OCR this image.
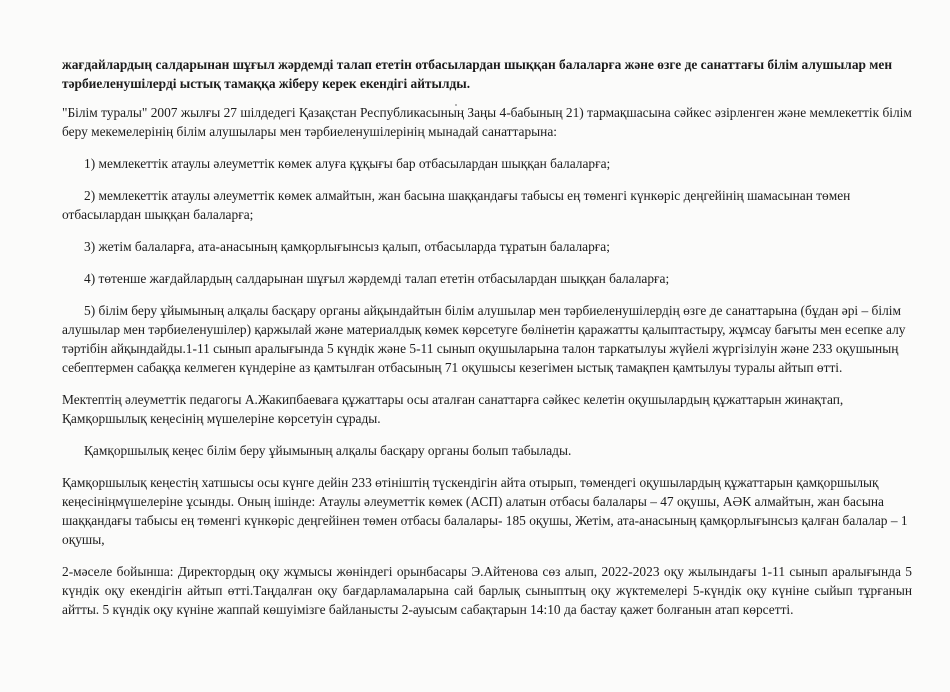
жағдайлардың салдарынан шұғыл жәрдемді талап ететін отбасылардан шыққан балаларға және өзге де санаттағы білім алушылар мен тәрбиеленушілерді ыстық тамаққа жіберу керек екендігі айтылды.

"Білім туралы" 2007 жылғы 27 шілдедегі Қазақстан Республикасының Заңы 4-бабының 21) тармақшасына сәйкес әзірленген және мемлекеттік білім беру мекемелерінің білім алушылары мен тәрбиеленушілерінің мынадай санаттарына:

1) мемлекеттік атаулы әлеуметтік көмек алуға құқығы бар отбасылардан шыққан балаларға;

2) мемлекеттік атаулы әлеуметтік көмек алмайтын, жан басына шаққандағы табысы ең төменгі күнкөріс деңгейінің шамасынан төмен отбасылардан шыққан балаларға;

3) жетім балаларға, ата-анасының қамқорлығынсыз қалып, отбасыларда тұратын балаларға;

4) төтенше жағдайлардың салдарынан шұғыл жәрдемді талап ететін отбасылардан шыққан балаларға;

5) білім беру ұйымының алқалы басқару органы айқындайтын білім алушылар мен тәрбиеленушілердің өзге де санаттарына (бұдан әрі – білім алушылар мен тәрбиеленушілер) қаржылай және материалдық көмек көрсетуге бөлінетін қаражатты қалыптастыру, жұмсау бағыты мен есепке алу тәртібін айқындайды.1-11 сынып аралығында 5 күндік және 5-11 сынып оқушыларына талон таркатылуы жүйелі жүргізілуін және 233 оқушының себептермен сабаққа келмеген күндеріне аз қамтылған отбасының 71 оқушысы кезегімен ыстық тамақпен қамтылуы туралы айтып өтті.

Мектептің әлеуметтік педагогы А.Жакипбаеваға құжаттары осы аталған санаттарға сәйкес келетін оқушылардың құжаттарын жинақтап, Қамқоршылық кеңесінің мүшелеріне көрсетуін сұрады.

Қамқоршылық кеңес білім беру ұйымының алқалы басқару органы болып табылады.

Қамқоршылық кеңестің хатшысы осы күнге дейін 233 өтініштің түскендігін айта отырып, төмендегі оқушылардың құжаттарын қамқоршылық кеңесініңмүшелеріне ұсынды. Оның ішінде: Атаулы әлеуметтік көмек (АСП) алатын отбасы балалары – 47 оқушы, АӘК алмайтын, жан басына шаққандағы табысы ең төменгі күнкөріс деңгейінен төмен отбасы балалары- 185 оқушы, Жетім, ата-анасының қамқорлығынсыз қалған балалар – 1 оқушы,

2-мәселе бойынша: Директордың оқу жұмысы жөніндегі орынбасары Э.Айтенова сөз алып, 2022-2023 оқу жылындағы 1-11 сынып аралығында 5 күндік оқу екендігін айтып өтті.Таңдалған оқу бағдарламаларына сай барлық сыныптың оқу жүктемелері 5-күндік оқу күніне сыйып тұрғанын айтты. 5 күндік оқу күніне жаппай көшуімізге байланысты 2-ауысым сабақтарын 14:10 да бастау қажет болғанын атап көрсетті.
